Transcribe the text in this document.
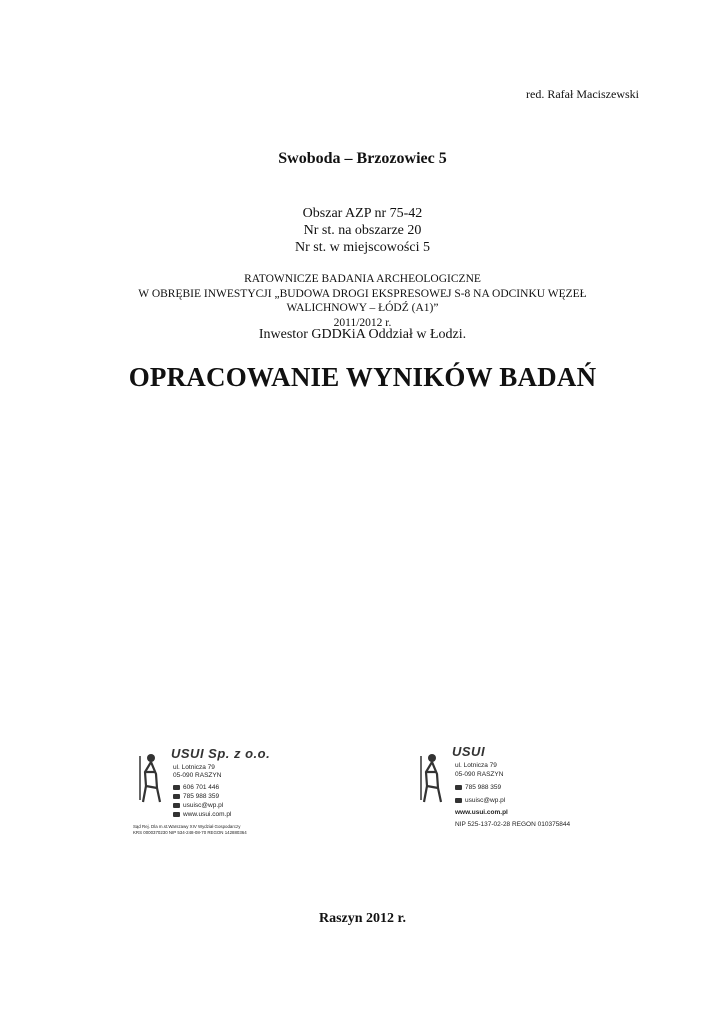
red. Rafał Maciszewski
Swoboda – Brzozowiec 5
Obszar AZP nr 75-42
Nr st. na obszarze 20
Nr st. w miejscowości 5
RATOWNICZE BADANIA ARCHEOLOGICZNE
W OBRĘBIE INWESTYCJI „BUDOWA DROGI EKSPRESOWEJ S-8 NA ODCINKU WĘZEŁ
WALICHNOWY – ŁÓDŹ (A1)”
2011/2012 r.
Inwestor GDDKiA Oddział w Łodzi.
OPRACOWANIE WYNIKÓW BADAŃ
USUI Sp. z o.o.
ul. Lotnicza 79
05-090 RASZYN
606 701 446
785 988 359
usuisc@wp.pl
www.usui.com.pl
Sąd Rej. Dla m.st.Warszawy XIV Wydział Gospodarczy
KRS 0000370230 NIP 534-248-08-70 REGON 142880364
USUI
ul. Lotnicza 79
05-090 RASZYN
785 988 359
usuisc@wp.pl
www.usui.com.pl
NIP 525-137-02-28 REGON 010375844
Raszyn 2012 r.
